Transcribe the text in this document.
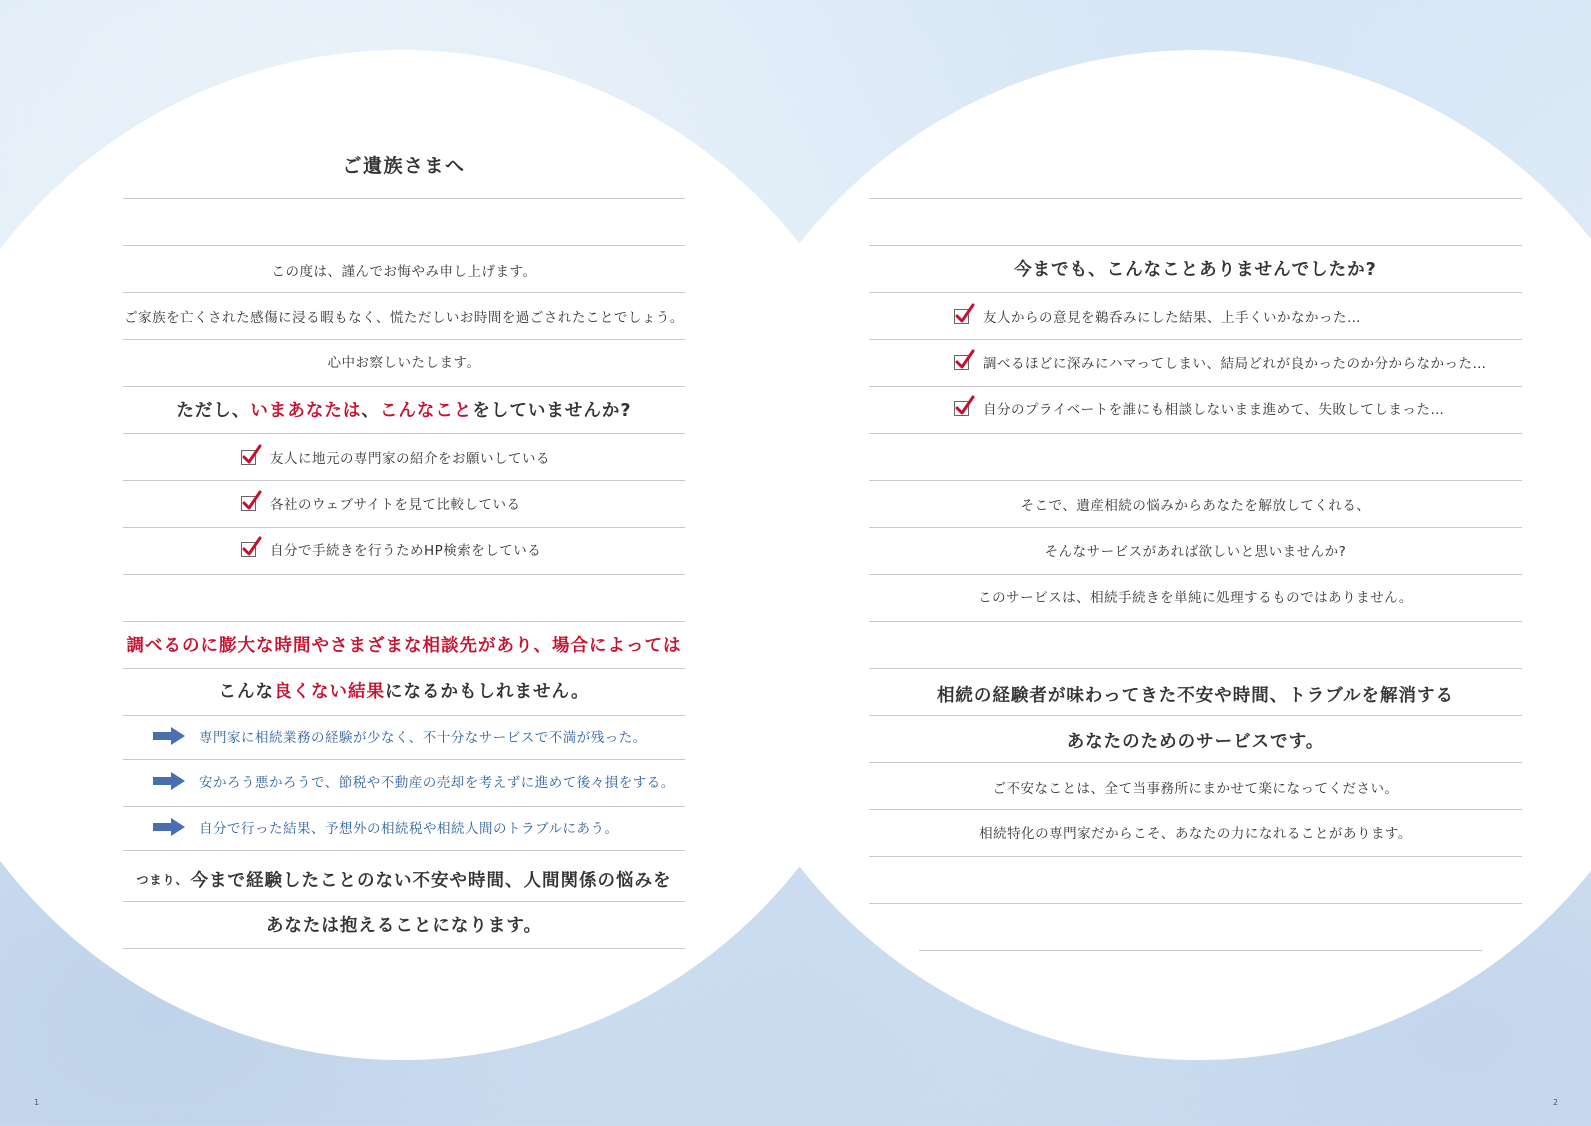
ご遺族さまへ
この度は、謹んでお悔やみ申し上げます。
ご家族を亡くされた感傷に浸る暇もなく、慌ただしいお時間を過ごされたことでしょう。
心中お察しいたします。
ただし、 いまあなたは 、 こんなこと をしていませんか?
友人に地元の専門家の紹介をお願いしている
各社のウェブサイトを見て比較している
自分で手続きを行うためHP検索をしている
調べるのに膨大な時間やさまざまな相談先があり、場合によっては
こんな 良くない結果 になるかもしれません。
専門家に相続業務の経験が少なく、不十分なサービスで不満が残った。
安かろう悪かろうで、節税や不動産の売却を考えずに進めて後々損をする。
自分で行った結果、予想外の相続税や相続人間のトラブルにあう。
つまり、 今まで経験したことのない不安や時間、人間関係の悩みを
あなたは抱えることになります。
今までも、こんなことありませんでしたか?
友人からの意見を鵜呑みにした結果、上手くいかなかった…
調べるほどに深みにハマってしまい、結局どれが良かったのか分からなかった…
自分のプライベートを誰にも相談しないまま進めて、失敗してしまった…
そこで、遺産相続の悩みからあなたを解放してくれる、
そんなサービスがあれば欲しいと思いませんか?
このサービスは、相続手続きを単純に処理するものではありません。
相続の経験者が味わってきた不安や時間、トラブルを解消する
あなたのためのサービスです。
ご不安なことは、全て当事務所にまかせて楽になってください。
相続特化の専門家だからこそ、あなたの力になれることがあります。
1	2
